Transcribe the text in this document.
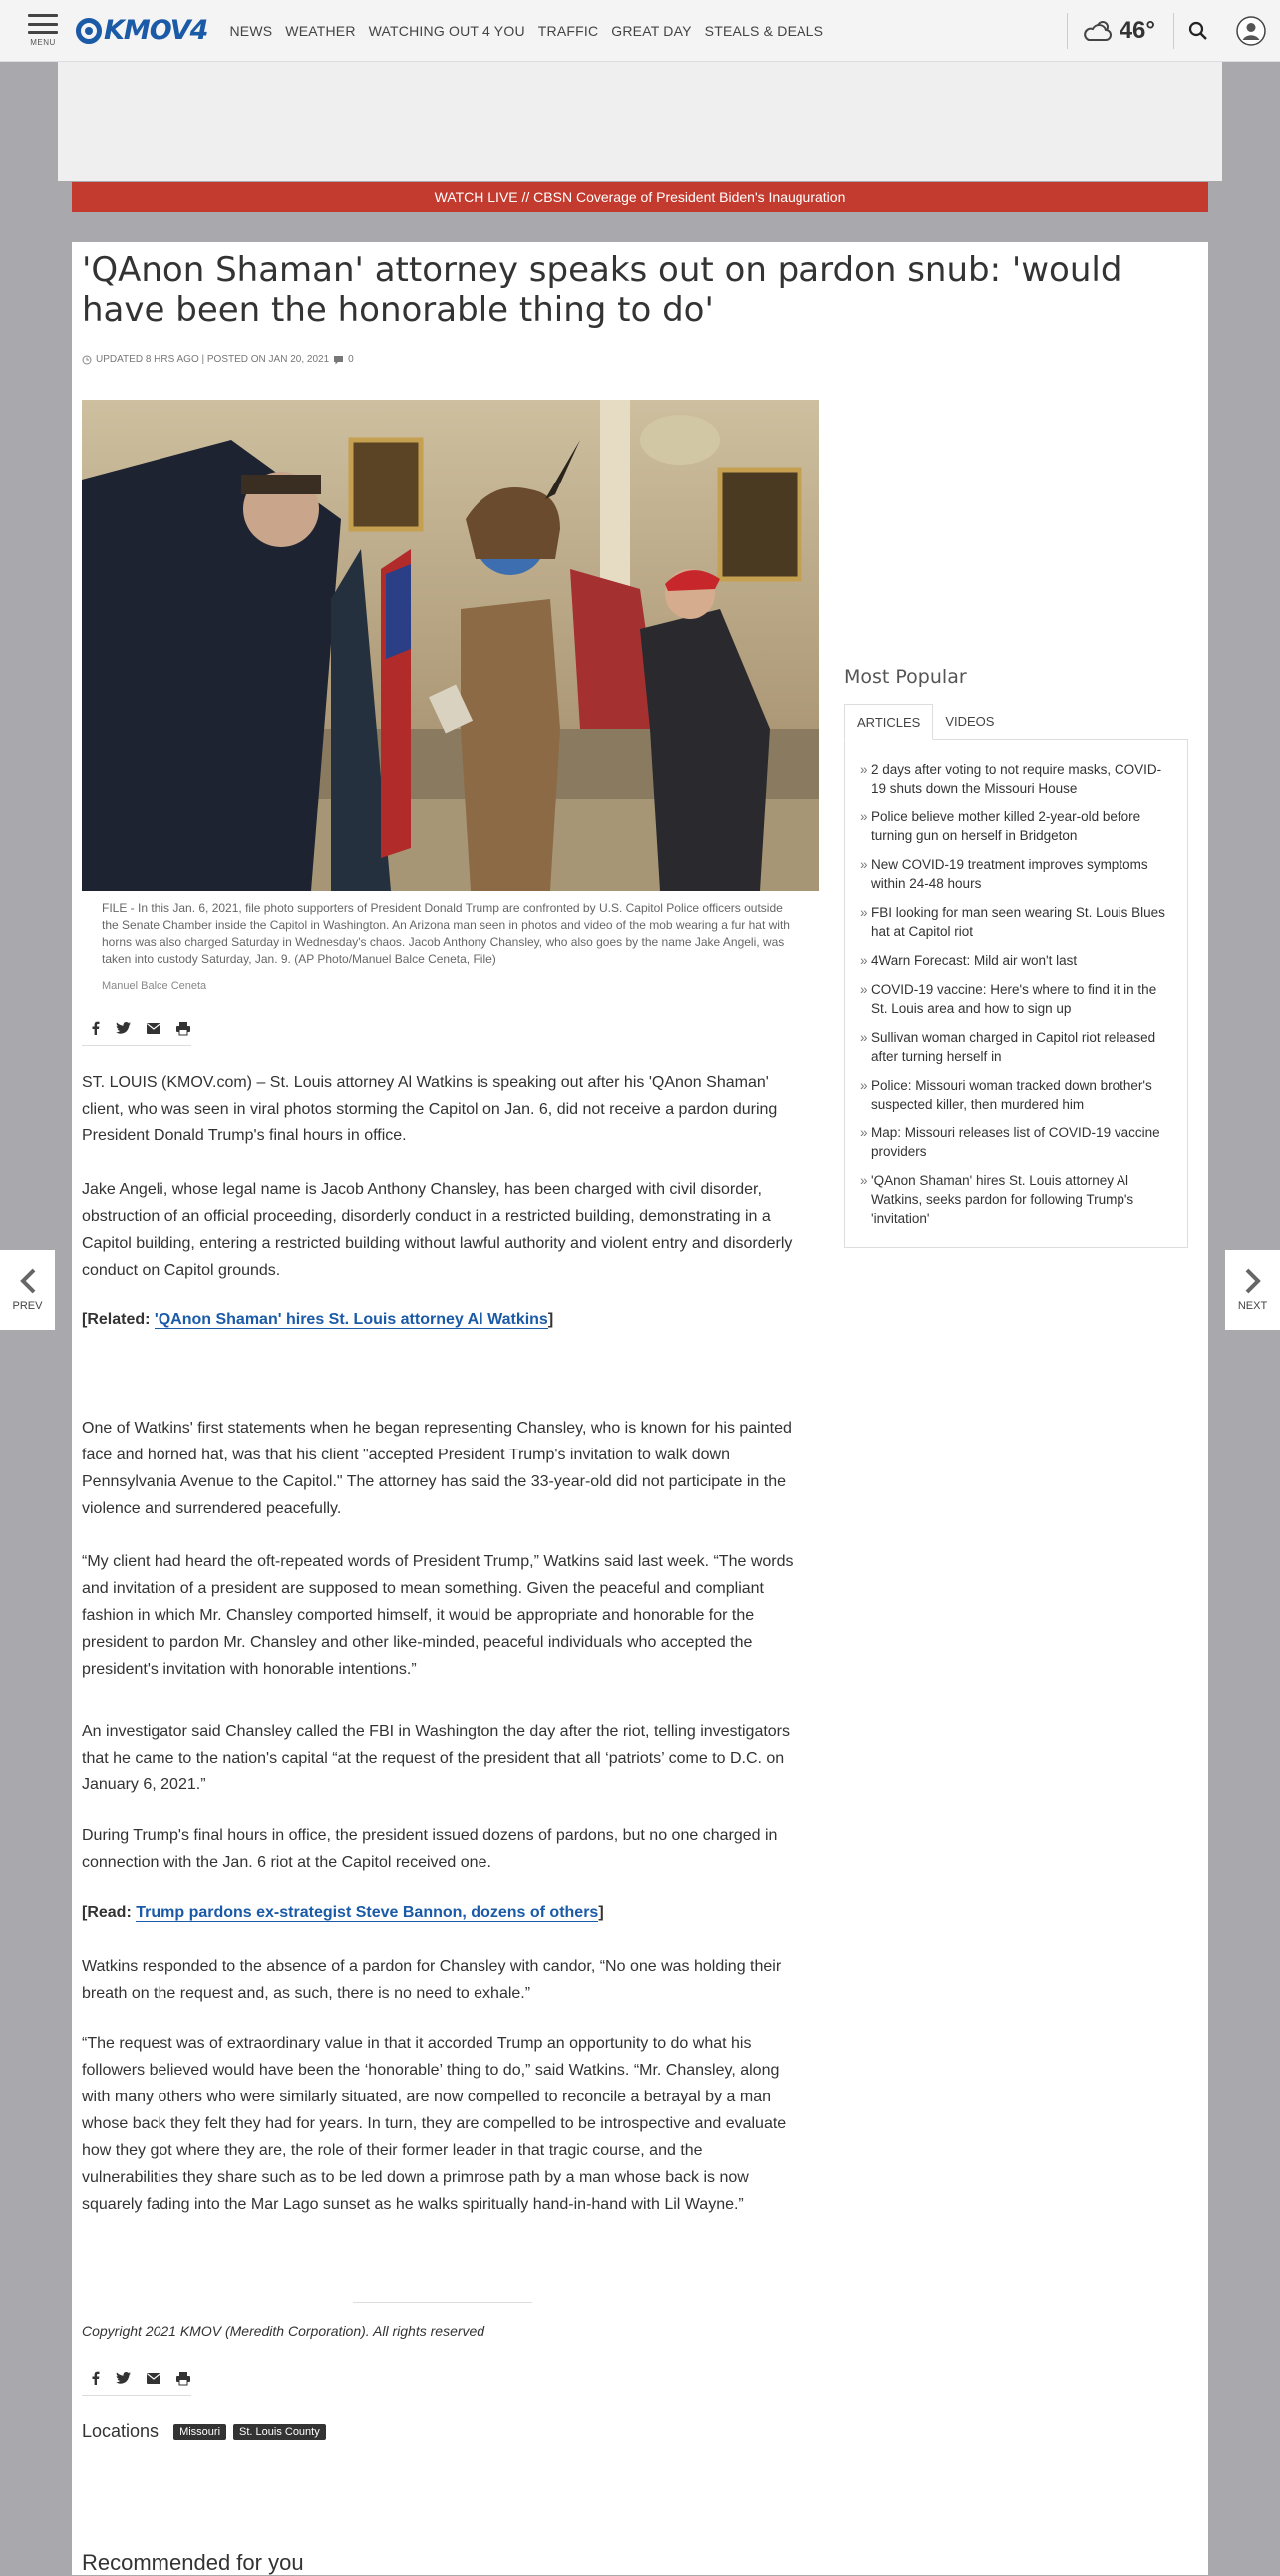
MENU KMOV4 NEWS WEATHER WATCHING OUT 4 YOU TRAFFIC GREAT DAY STEALS & DEALS	46°
WATCH LIVE // CBSN Coverage of President Biden's Inauguration
'QAnon Shaman' attorney speaks out on pardon snub: 'would have been the honorable thing to do'
UPDATED 8 HRS AGO | POSTED ON JAN 20, 2021 0
FILE - In this Jan. 6, 2021, file photo supporters of President Donald Trump are confronted by U.S. Capitol Police officers outside the Senate Chamber inside the Capitol in Washington. An Arizona man seen in photos and video of the mob wearing a fur hat with horns was also charged Saturday in Wednesday's chaos. Jacob Anthony Chansley, who also goes by the name Jake Angeli, was taken into custody Saturday, Jan. 9. (AP Photo/Manuel Balce Ceneta, File)
Manuel Balce Ceneta

ST. LOUIS (KMOV.com) – St. Louis attorney Al Watkins is speaking out after his 'QAnon Shaman' client, who was seen in viral photos storming the Capitol on Jan. 6, did not receive a pardon during President Donald Trump's final hours in office.

Jake Angeli, whose legal name is Jacob Anthony Chansley, has been charged with civil disorder, obstruction of an official proceeding, disorderly conduct in a restricted building, demonstrating in a Capitol building, entering a restricted building without lawful authority and violent entry and disorderly conduct on Capitol grounds.

[Related: 'QAnon Shaman' hires St. Louis attorney Al Watkins]

One of Watkins' first statements when he began representing Chansley, who is known for his painted face and horned hat, was that his client "accepted President Trump's invitation to walk down Pennsylvania Avenue to the Capitol." The attorney has said the 33-year-old did not participate in the violence and surrendered peacefully.

“My client had heard the oft-repeated words of President Trump,” Watkins said last week. “The words and invitation of a president are supposed to mean something. Given the peaceful and compliant fashion in which Mr. Chansley comported himself, it would be appropriate and honorable for the president to pardon Mr. Chansley and other like-minded, peaceful individuals who accepted the president's invitation with honorable intentions.”

An investigator said Chansley called the FBI in Washington the day after the riot, telling investigators that he came to the nation's capital “at the request of the president that all ‘patriots’ come to D.C. on January 6, 2021.”

During Trump's final hours in office, the president issued dozens of pardons, but no one charged in connection with the Jan. 6 riot at the Capitol received one.

[Read: Trump pardons ex-strategist Steve Bannon, dozens of others]

Watkins responded to the absence of a pardon for Chansley with candor, “No one was holding their breath on the request and, as such, there is no need to exhale.”

“The request was of extraordinary value in that it accorded Trump an opportunity to do what his followers believed would have been the ‘honorable’ thing to do,” said Watkins. “Mr. Chansley, along with many others who were similarly situated, are now compelled to reconcile a betrayal by a man whose back they felt they had for years. In turn, they are compelled to be introspective and evaluate how they got where they are, the role of their former leader in that tragic course, and the vulnerabilities they share such as to be led down a primrose path by a man whose back is now squarely fading into the Mar Lago sunset as he walks spiritually hand-in-hand with Lil Wayne.”

Copyright 2021 KMOV (Meredith Corporation). All rights reserved
Locations	Missouri	St. Louis County
Recommended for you
Most Popular
ARTICLES	VIDEOS
» 2 days after voting to not require masks, COVID-19 shuts down the Missouri House
» Police believe mother killed 2-year-old before turning gun on herself in Bridgeton
» New COVID-19 treatment improves symptoms within 24-48 hours
» FBI looking for man seen wearing St. Louis Blues hat at Capitol riot
» 4Warn Forecast: Mild air won't last
» COVID-19 vaccine: Here's where to find it in the St. Louis area and how to sign up
» Sullivan woman charged in Capitol riot released after turning herself in
» Police: Missouri woman tracked down brother's suspected killer, then murdered him
» Map: Missouri releases list of COVID-19 vaccine providers
» 'QAnon Shaman' hires St. Louis attorney Al Watkins, seeks pardon for following Trump's 'invitation'
PREV	NEXT
